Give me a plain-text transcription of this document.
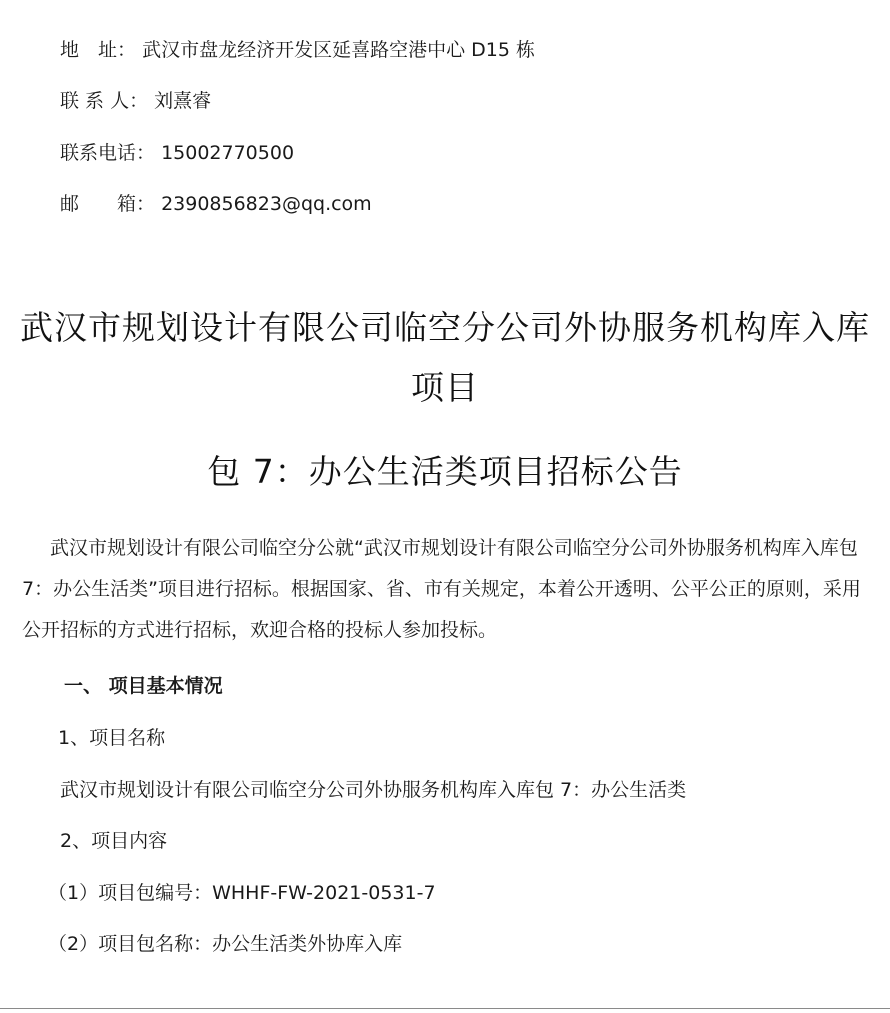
地　址： 武汉市盘龙经济开发区延喜路空港中心 D15 栋
联 系 人： 刘熹睿
联系电话： 15002770500
邮　　箱： 2390856823@qq.com
武汉市规划设计有限公司临空分公司外协服务机构库入库
项目
包 7：办公生活类项目招标公告
武汉市规划设计有限公司临空分公就“武汉市规划设计有限公司临空分公司外协服务机构库入库包 7：办公生活类”项目进行招标。根据国家、省、市有关规定，本着公开透明、公平公正的原则，采用公开招标的方式进行招标，欢迎合格的投标人参加投标。
一、 项目基本情况
1、项目名称
武汉市规划设计有限公司临空分公司外协服务机构库入库包 7：办公生活类
2、项目内容
（1）项目包编号：WHHF-FW-2021-0531-7
（2）项目包名称：办公生活类外协库入库
